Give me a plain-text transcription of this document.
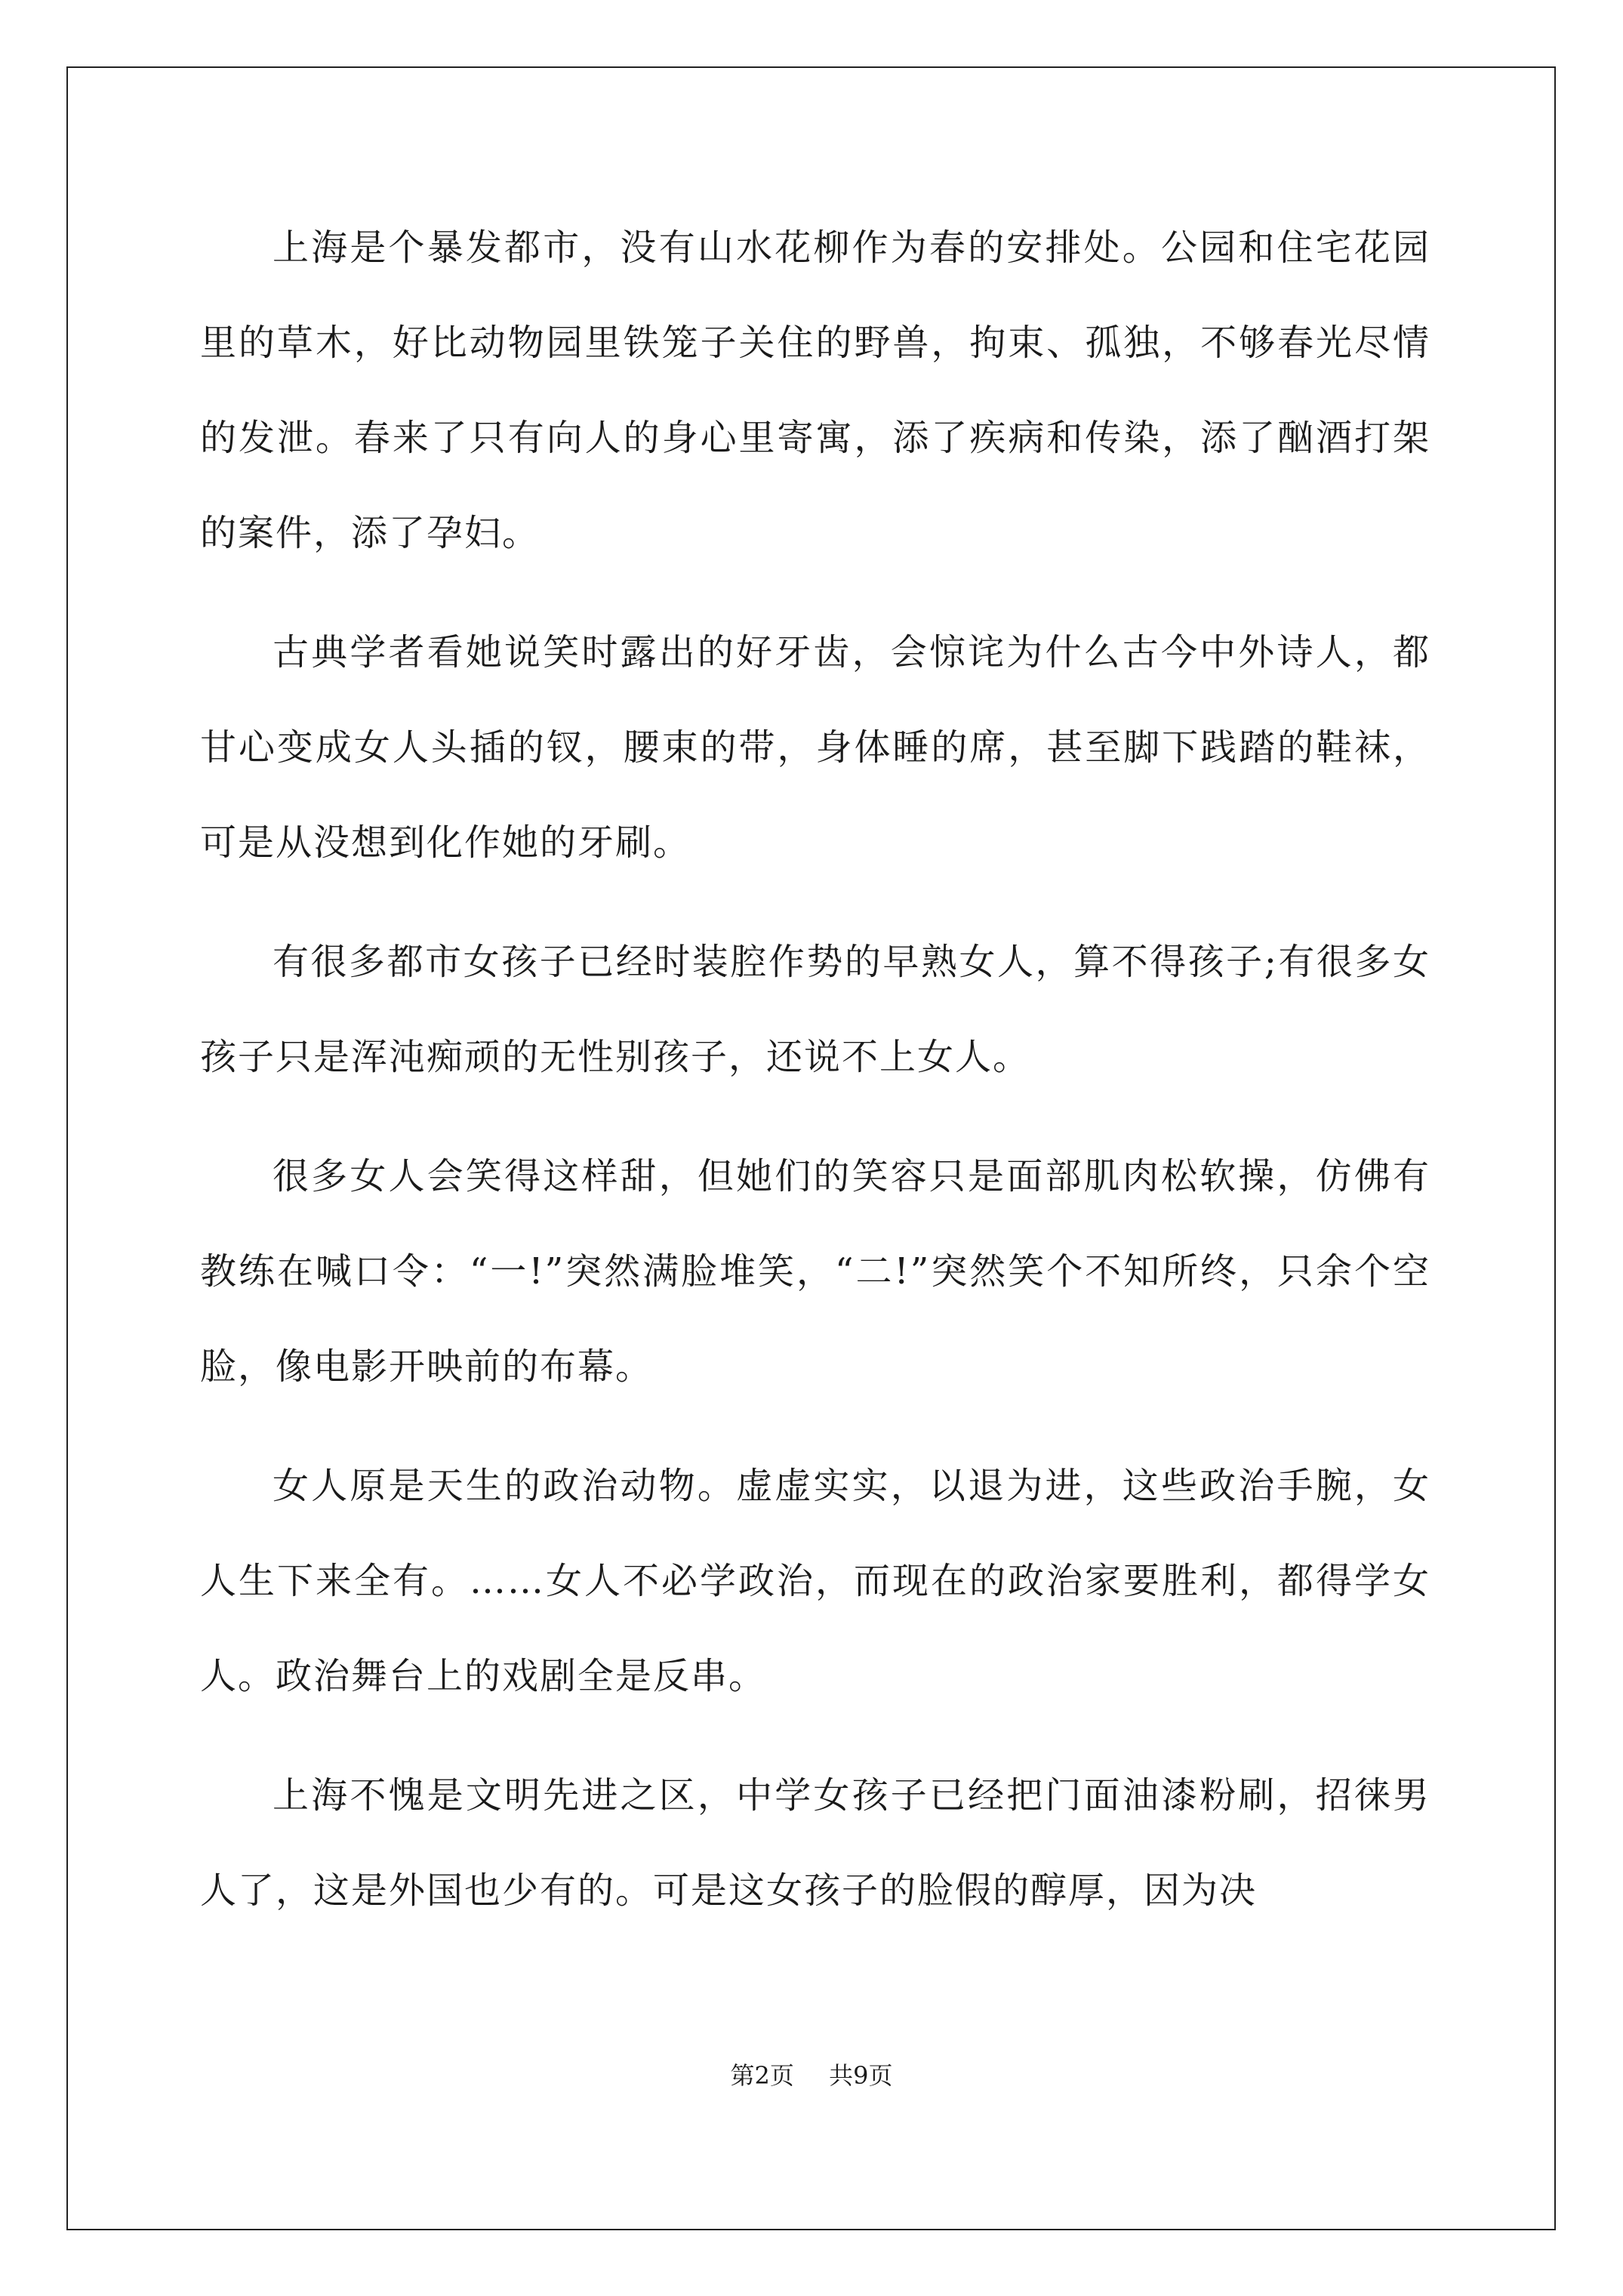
上海是个暴发都市，没有山水花柳作为春的安排处。公园和住宅花园里的草木，好比动物园里铁笼子关住的野兽，拘束、孤独，不够春光尽情的发泄。春来了只有向人的身心里寄寓，添了疾病和传染，添了酗酒打架的案件，添了孕妇。

古典学者看她说笑时露出的好牙齿，会惊诧为什么古今中外诗人，都甘心变成女人头插的钗，腰束的带，身体睡的席，甚至脚下践踏的鞋袜，可是从没想到化作她的牙刷。

有很多都市女孩子已经时装腔作势的早熟女人，算不得孩子;有很多女孩子只是浑沌痴顽的无性别孩子，还说不上女人。

很多女人会笑得这样甜，但她们的笑容只是面部肌肉松软操，仿佛有教练在喊口令：“一!”突然满脸堆笑，“二!”突然笑个不知所终，只余个空脸，像电影开映前的布幕。

女人原是天生的政治动物。虚虚实实，以退为进，这些政治手腕，女人生下来全有。……女人不必学政治，而现在的政治家要胜利，都得学女人。政治舞台上的戏剧全是反串。

上海不愧是文明先进之区，中学女孩子已经把门面油漆粉刷，招徕男人了，这是外国也少有的。可是这女孩子的脸假的醇厚，因为决

第2页 共9页
